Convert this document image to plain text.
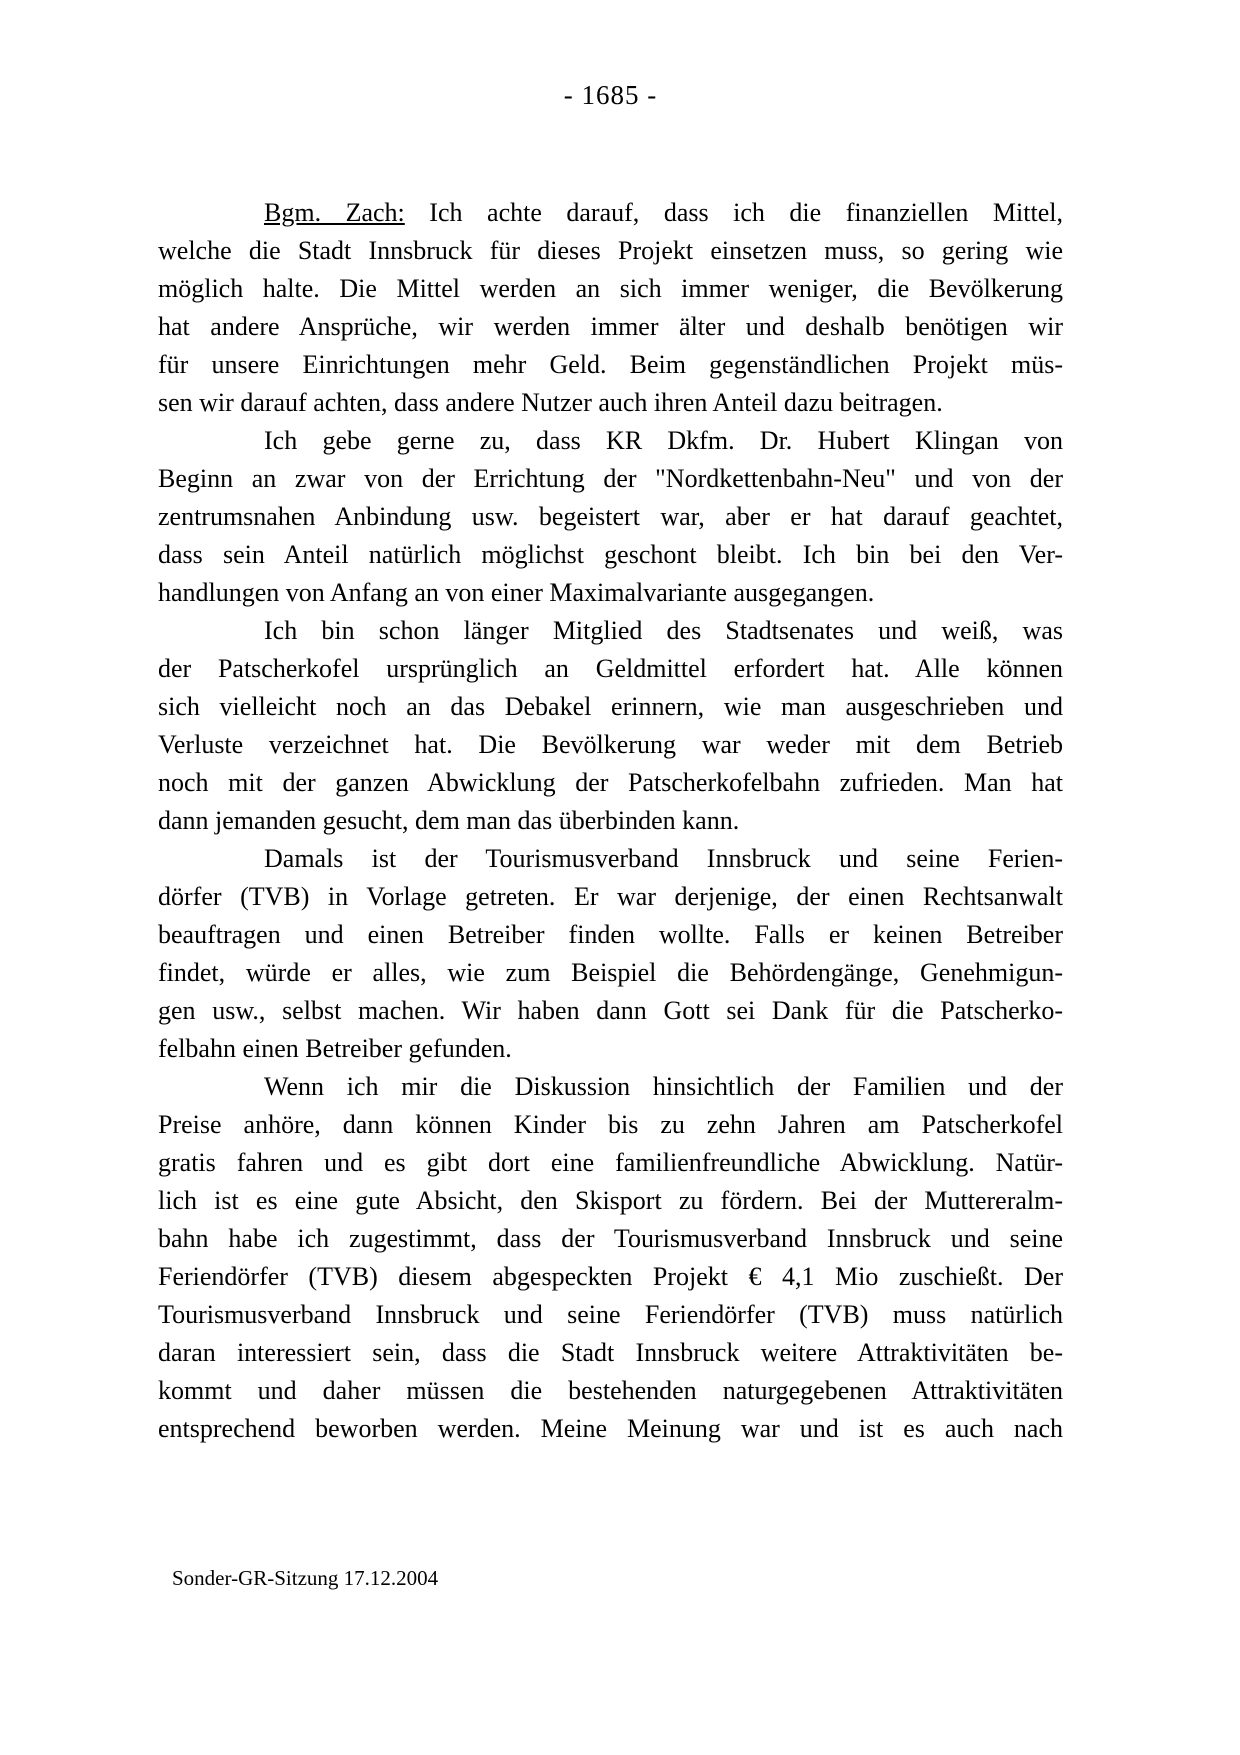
- 1685 -
Bgm. Zach: Ich achte darauf, dass ich die finanziellen Mittel,
welche die Stadt Innsbruck für dieses Projekt einsetzen muss, so gering wie
möglich halte. Die Mittel werden an sich immer weniger, die Bevölkerung
hat andere Ansprüche, wir werden immer älter und deshalb benötigen wir
für unsere Einrichtungen mehr Geld. Beim gegenständlichen Projekt müs-
sen wir darauf achten, dass andere Nutzer auch ihren Anteil dazu beitragen.
Ich gebe gerne zu, dass KR Dkfm. Dr. Hubert Klingan von
Beginn an zwar von der Errichtung der "Nordkettenbahn-Neu" und von der
zentrumsnahen Anbindung usw. begeistert war, aber er hat darauf geachtet,
dass sein Anteil natürlich möglichst geschont bleibt. Ich bin bei den Ver-
handlungen von Anfang an von einer Maximalvariante ausgegangen.
Ich bin schon länger Mitglied des Stadtsenates und weiß, was
der Patscherkofel ursprünglich an Geldmittel erfordert hat. Alle können
sich vielleicht noch an das Debakel erinnern, wie man ausgeschrieben und
Verluste verzeichnet hat. Die Bevölkerung war weder mit dem Betrieb
noch mit der ganzen Abwicklung der Patscherkofelbahn zufrieden. Man hat
dann jemanden gesucht, dem man das überbinden kann.
Damals ist der Tourismusverband Innsbruck und seine Ferien-
dörfer (TVB) in Vorlage getreten. Er war derjenige, der einen Rechtsanwalt
beauftragen und einen Betreiber finden wollte. Falls er keinen Betreiber
findet, würde er alles, wie zum Beispiel die Behördengänge, Genehmigun-
gen usw., selbst machen. Wir haben dann Gott sei Dank für die Patscherko-
felbahn einen Betreiber gefunden.
Wenn ich mir die Diskussion hinsichtlich der Familien und der
Preise anhöre, dann können Kinder bis zu zehn Jahren am Patscherkofel
gratis fahren und es gibt dort eine familienfreundliche Abwicklung. Natür-
lich ist es eine gute Absicht, den Skisport zu fördern. Bei der Muttereralm-
bahn habe ich zugestimmt, dass der Tourismusverband Innsbruck und seine
Feriendörfer (TVB) diesem abgespeckten Projekt € 4,1 Mio zuschießt. Der
Tourismusverband Innsbruck und seine Feriendörfer (TVB) muss natürlich
daran interessiert sein, dass die Stadt Innsbruck weitere Attraktivitäten be-
kommt und daher müssen die bestehenden naturgegebenen Attraktivitäten
entsprechend beworben werden. Meine Meinung war und ist es auch nach
Sonder-GR-Sitzung 17.12.2004
